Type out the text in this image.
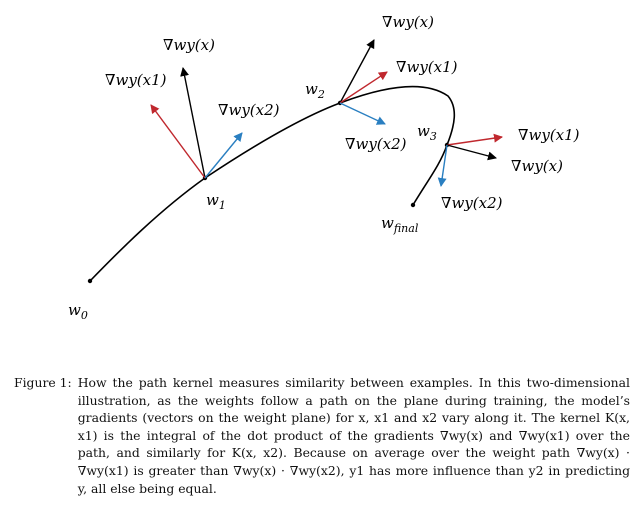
$w_0$
$w_1$
$w_2$
$w_3$
$w_{final}$
∇wy(x)
∇wy(x1)
∇wy(x2)
∇wy(x)
∇wy(x1)
∇wy(x2)	∇wy(x1)
∇wy(x)
∇wy(x2)
Figure 1: How the path kernel measures similarity between examples. In this two-dimensional illustration, as the weights follow a path on the plane during training, the model’s gradients (vectors on the weight plane) for x, x1 and x2 vary along it. The kernel K(x, x1) is the integral of the dot product of the gradients ∇wy(x) and ∇wy(x1) over the path, and similarly for K(x, x2). Because on average over the weight path ∇wy(x) · ∇wy(x1) is greater than ∇wy(x) · ∇wy(x2), y1 has more influence than y2 in predicting y, all else being equal.
